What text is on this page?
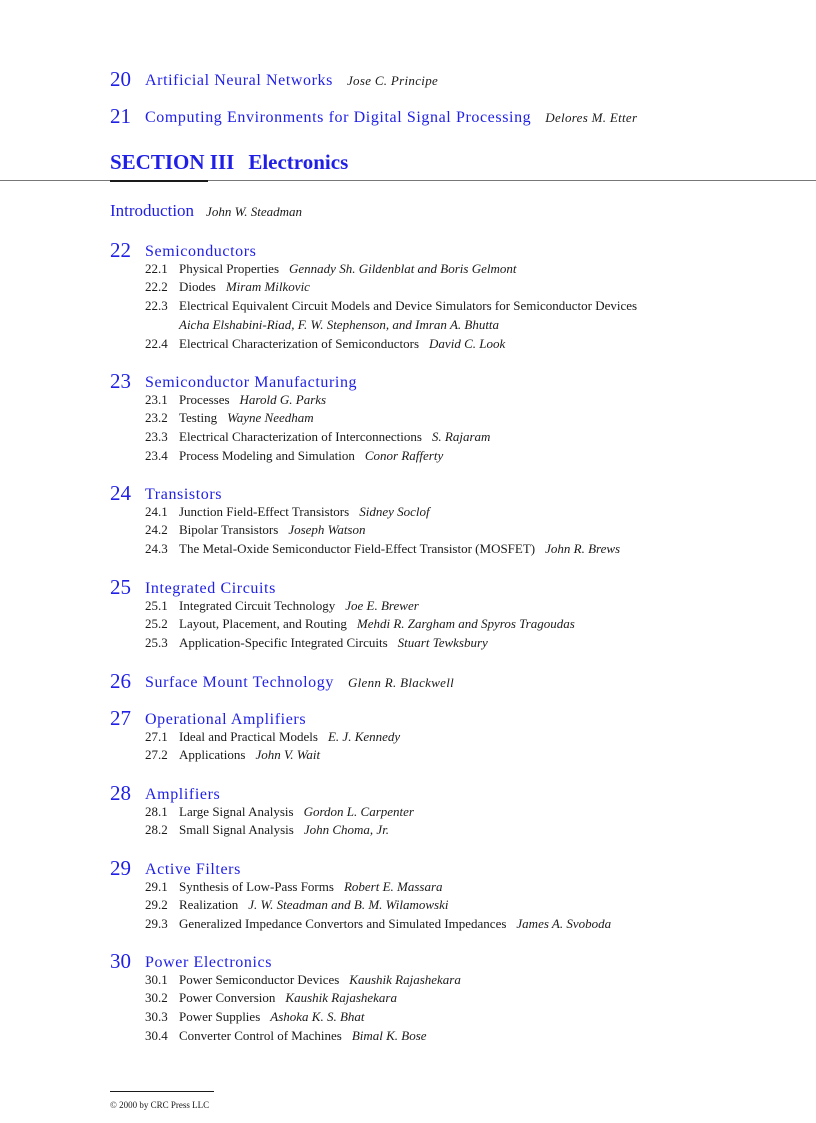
20 Artificial Neural Networks Jose C. Principe
21 Computing Environments for Digital Signal Processing Delores M. Etter
SECTION III Electronics
Introduction John W. Steadman
22 Semiconductors
22.1 Physical Properties Gennady Sh. Gildenblat and Boris Gelmont
22.2 Diodes Miram Milkovic
22.3 Electrical Equivalent Circuit Models and Device Simulators for Semiconductor Devices
Aicha Elshabini-Riad, F. W. Stephenson, and Imran A. Bhutta
22.4 Electrical Characterization of Semiconductors David C. Look
23 Semiconductor Manufacturing
23.1 Processes Harold G. Parks
23.2 Testing Wayne Needham
23.3 Electrical Characterization of Interconnections S. Rajaram
23.4 Process Modeling and Simulation Conor Rafferty
24 Transistors
24.1 Junction Field-Effect Transistors Sidney Soclof
24.2 Bipolar Transistors Joseph Watson
24.3 The Metal-Oxide Semiconductor Field-Effect Transistor (MOSFET) John R. Brews
25 Integrated Circuits
25.1 Integrated Circuit Technology Joe E. Brewer
25.2 Layout, Placement, and Routing Mehdi R. Zargham and Spyros Tragoudas
25.3 Application-Specific Integrated Circuits Stuart Tewksbury
26 Surface Mount Technology Glenn R. Blackwell
27 Operational Amplifiers
27.1 Ideal and Practical Models E. J. Kennedy
27.2 Applications John V. Wait
28 Amplifiers
28.1 Large Signal Analysis Gordon L. Carpenter
28.2 Small Signal Analysis John Choma, Jr.
29 Active Filters
29.1 Synthesis of Low-Pass Forms Robert E. Massara
29.2 Realization J. W. Steadman and B. M. Wilamowski
29.3 Generalized Impedance Convertors and Simulated Impedances James A. Svoboda
30 Power Electronics
30.1 Power Semiconductor Devices Kaushik Rajashekara
30.2 Power Conversion Kaushik Rajashekara
30.3 Power Supplies Ashoka K. S. Bhat
30.4 Converter Control of Machines Bimal K. Bose
© 2000 by CRC Press LLC
